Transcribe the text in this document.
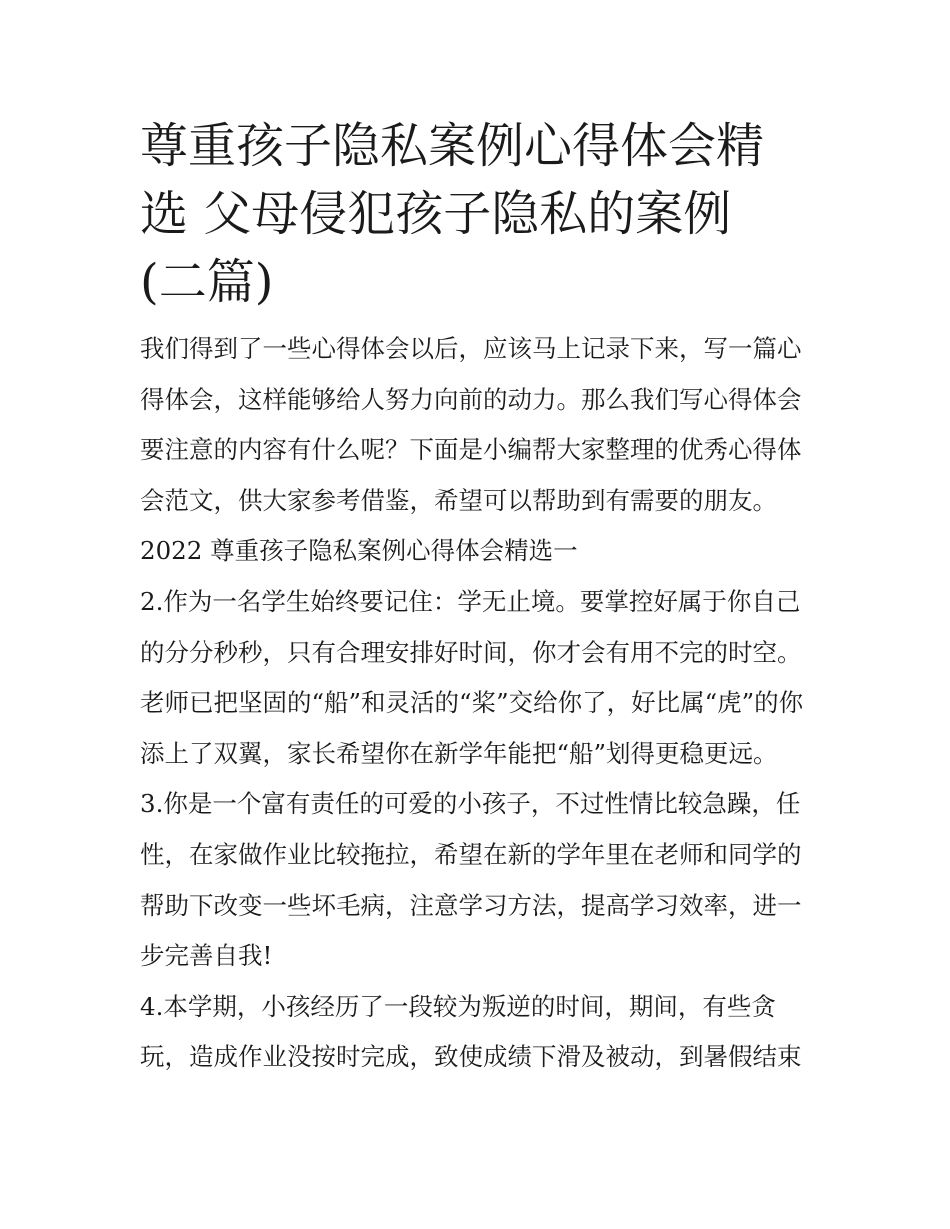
尊重孩子隐私案例心得体会精
选 父母侵犯孩子隐私的案例
(二篇)
我们得到了一些心得体会以后，应该马上记录下来，写一篇心
得体会，这样能够给人努力向前的动力。那么我们写心得体会
要注意的内容有什么呢？下面是小编帮大家整理的优秀心得体
会范文，供大家参考借鉴，希望可以帮助到有需要的朋友。
2022 尊重孩子隐私案例心得体会精选一
2.作为一名学生始终要记住：学无止境。要掌控好属于你自己
的分分秒秒，只有合理安排好时间，你才会有用不完的时空。
老师已把坚固的“船”和灵活的“桨”交给你了，好比属“虎”的你
添上了双翼，家长希望你在新学年能把“船”划得更稳更远。
3.你是一个富有责任的可爱的小孩子，不过性情比较急躁，任
性，在家做作业比较拖拉，希望在新的学年里在老师和同学的
帮助下改变一些坏毛病，注意学习方法，提高学习效率，进一
步完善自我!
4.本学期，小孩经历了一段较为叛逆的时间，期间，有些贪
玩，造成作业没按时完成，致使成绩下滑及被动，到暑假结束
